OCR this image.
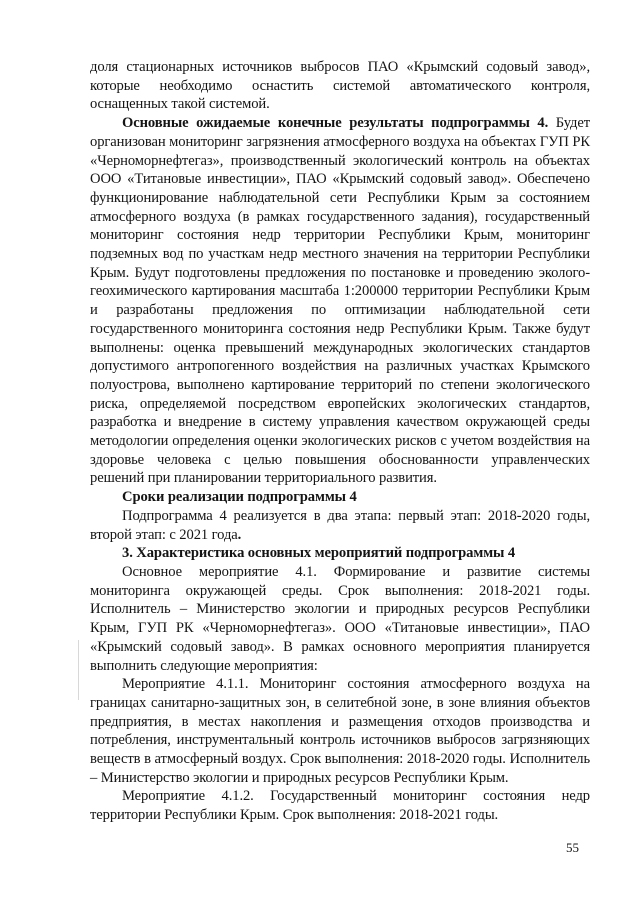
доля стационарных источников выбросов ПАО «Крымский содовый завод», которые необходимо оснастить системой автоматического контроля, оснащенных такой системой.

Основные ожидаемые конечные результаты подпрограммы 4. Будет организован мониторинг загрязнения атмосферного воздуха на объектах ГУП РК «Черноморнефтегаз», производственный экологический контроль на объектах ООО «Титановые инвестиции», ПАО «Крымский содовый завод». Обеспечено функционирование наблюдательной сети Республики Крым за состоянием атмосферного воздуха (в рамках государственного задания), государственный мониторинг состояния недр территории Республики Крым, мониторинг подземных вод по участкам недр местного значения на территории Республики Крым. Будут подготовлены предложения по постановке и проведению эколого-геохимического картирования масштаба 1:200000 территории Республики Крым и разработаны предложения по оптимизации наблюдательной сети государственного мониторинга состояния недр Республики Крым. Также будут выполнены: оценка превышений международных экологических стандартов допустимого антропогенного воздействия на различных участках Крымского полуострова, выполнено картирование территорий по степени экологического риска, определяемой посредством европейских экологических стандартов, разработка и внедрение в систему управления качеством окружающей среды методологии определения оценки экологических рисков с учетом воздействия на здоровье человека с целью повышения обоснованности управленческих решений при планировании территориального развития.

Сроки реализации подпрограммы 4

Подпрограмма 4 реализуется в два этапа: первый этап: 2018-2020 годы, второй этап: с 2021 года.

3. Характеристика основных мероприятий подпрограммы 4

Основное мероприятие 4.1. Формирование и развитие системы мониторинга окружающей среды. Срок выполнения: 2018-2021 годы. Исполнитель – Министерство экологии и природных ресурсов Республики Крым, ГУП РК «Черноморнефтегаз». ООО «Титановые инвестиции», ПАО «Крымский содовый завод». В рамках основного мероприятия планируется выполнить следующие мероприятия:

Мероприятие 4.1.1. Мониторинг состояния атмосферного воздуха на границах санитарно-защитных зон, в селитебной зоне, в зоне влияния объектов предприятия, в местах накопления и размещения отходов производства и потребления, инструментальный контроль источников выбросов загрязняющих веществ в атмосферный воздух. Срок выполнения: 2018-2020 годы. Исполнитель – Министерство экологии и природных ресурсов Республики Крым.

Мероприятие 4.1.2. Государственный мониторинг состояния недр территории Республики Крым. Срок выполнения: 2018-2021 годы.

55
